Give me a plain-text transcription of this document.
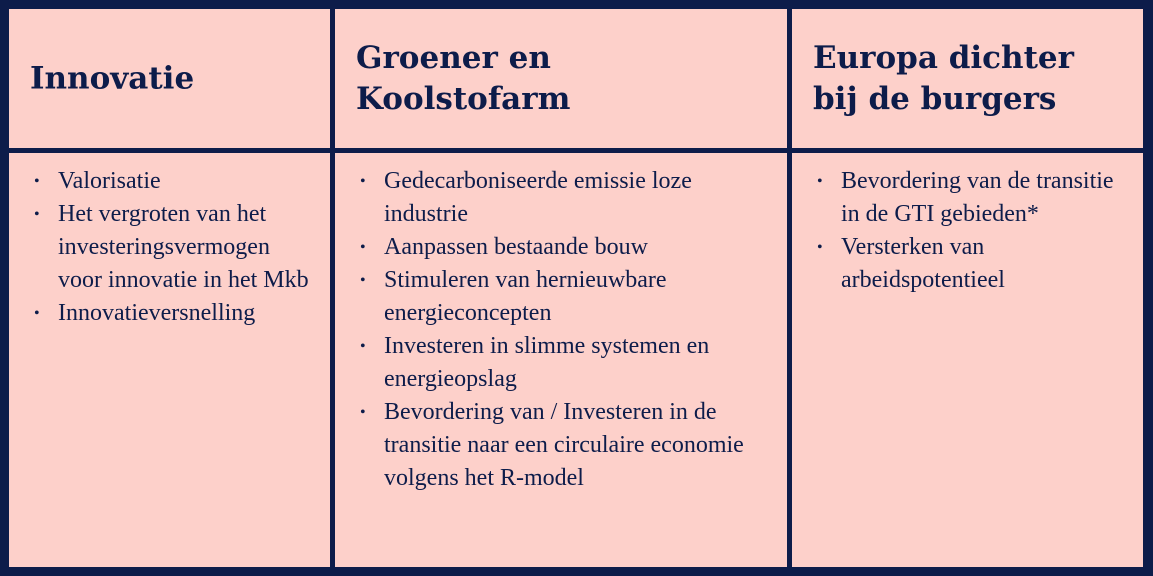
Innovatie
Groener en Koolstofarm
Europa dichter bij de burgers
• Valorisatie
• Het vergroten van het investeringsvermogen voor innovatie in het Mkb
• Innovatieversnelling
• Gedecarboniseerde emissie loze industrie
• Aanpassen bestaande bouw
• Stimuleren van hernieuwbare energieconcepten
• Investeren in slimme systemen en energieopslag
• Bevordering van / Investeren in de transitie naar een circulaire economie volgens het R-model
• Bevordering van de transitie in de GTI gebieden*
• Versterken van arbeidspotentieel
